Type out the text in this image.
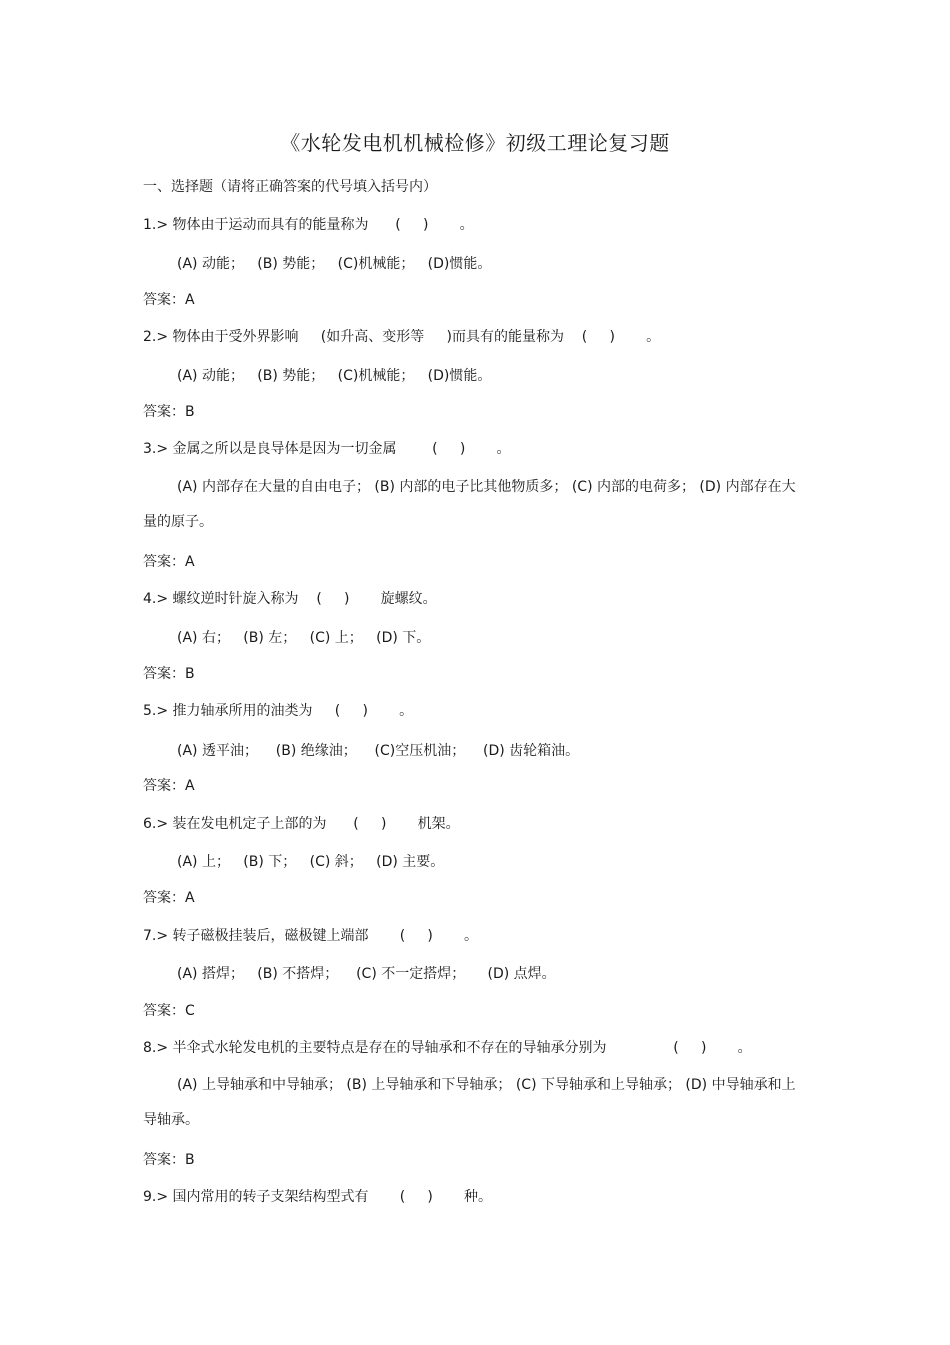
《水轮发电机机械检修》初级工理论复习题
一、选择题（请将正确答案的代号填入括号内）
1.> 物体由于运动而具有的能量称为      (     )       。
(A) 动能；   (B) 势能；   (C)机械能；   (D)惯能。
答案：A
2.> 物体由于受外界影响     (如升高、变形等     )而具有的能量称为    (     )       。
(A) 动能；   (B) 势能；   (C)机械能；   (D)惯能。
答案：B
3.> 金属之所以是良导体是因为一切金属        (     )       。
(A) 内部存在大量的自由电子； (B) 内部的电子比其他物质多； (C) 内部的电荷多； (D) 内部存在大量的原子。
答案：A
4.> 螺纹逆时针旋入称为    (     )       旋螺纹。
(A) 右；   (B) 左；   (C) 上；   (D) 下。
答案：B
5.> 推力轴承所用的油类为     (     )       。
(A) 透平油；    (B) 绝缘油；    (C)空压机油；    (D) 齿轮箱油。
答案：A
6.> 装在发电机定子上部的为      (     )       机架。
(A) 上；   (B) 下；   (C) 斜；   (D) 主要。
答案：A
7.> 转子磁极挂装后，磁极键上端部       (     )       。
(A) 搭焊；   (B) 不搭焊；    (C) 不一定搭焊；     (D) 点焊。
答案：C
8.> 半伞式水轮发电机的主要特点是存在的导轴承和不存在的导轴承分别为               (     )       。
(A) 上导轴承和中导轴承； (B) 上导轴承和下导轴承； (C) 下导轴承和上导轴承； (D) 中导轴承和上导轴承。
答案：B
9.> 国内常用的转子支架结构型式有       (     )       种。
